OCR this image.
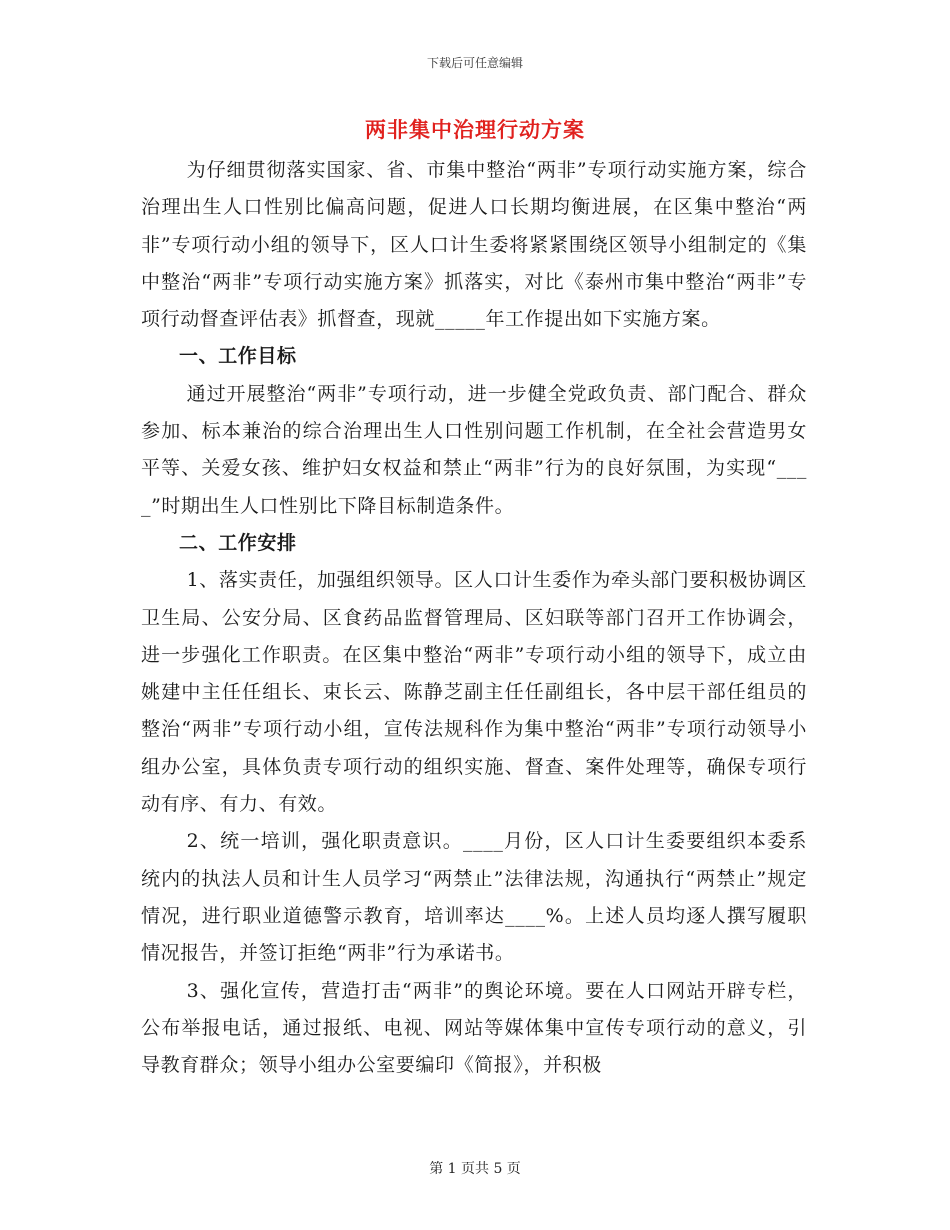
下载后可任意编辑
两非集中治理行动方案

为仔细贯彻落实国家、省、市集中整治“两非”专项行动实施方案，综合治理出生人口性别比偏高问题，促进人口长期均衡进展，在区集中整治“两非”专项行动小组的领导下，区人口计生委将紧紧围绕区领导小组制定的《集中整治“两非”专项行动实施方案》抓落实，对比《泰州市集中整治“两非”专项行动督查评估表》抓督查，现就_____年工作提出如下实施方案。

一、工作目标

通过开展整治“两非”专项行动，进一步健全党政负责、部门配合、群众参加、标本兼治的综合治理出生人口性别问题工作机制，在全社会营造男女平等、关爱女孩、维护妇女权益和禁止“两非”行为的良好氛围，为实现“____”时期出生人口性别比下降目标制造条件。

二、工作安排

1、落实责任，加强组织领导。区人口计生委作为牵头部门要积极协调区卫生局、公安分局、区食药品监督管理局、区妇联等部门召开工作协调会，进一步强化工作职责。在区集中整治“两非”专项行动小组的领导下，成立由姚建中主任任组长、束长云、陈静芝副主任任副组长，各中层干部任组员的整治“两非”专项行动小组，宣传法规科作为集中整治“两非”专项行动领导小组办公室，具体负责专项行动的组织实施、督查、案件处理等，确保专项行动有序、有力、有效。

2、统一培训，强化职责意识。____月份，区人口计生委要组织本委系统内的执法人员和计生人员学习“两禁止”法律法规，沟通执行“两禁止”规定情况，进行职业道德警示教育，培训率达____%。上述人员均逐人撰写履职情况报告，并签订拒绝“两非”行为承诺书。

3、强化宣传，营造打击“两非”的舆论环境。要在人口网站开辟专栏，公布举报电话，通过报纸、电视、网站等媒体集中宣传专项行动的意义，引导教育群众；领导小组办公室要编印《简报》，并积极

第 1 页共 5 页
